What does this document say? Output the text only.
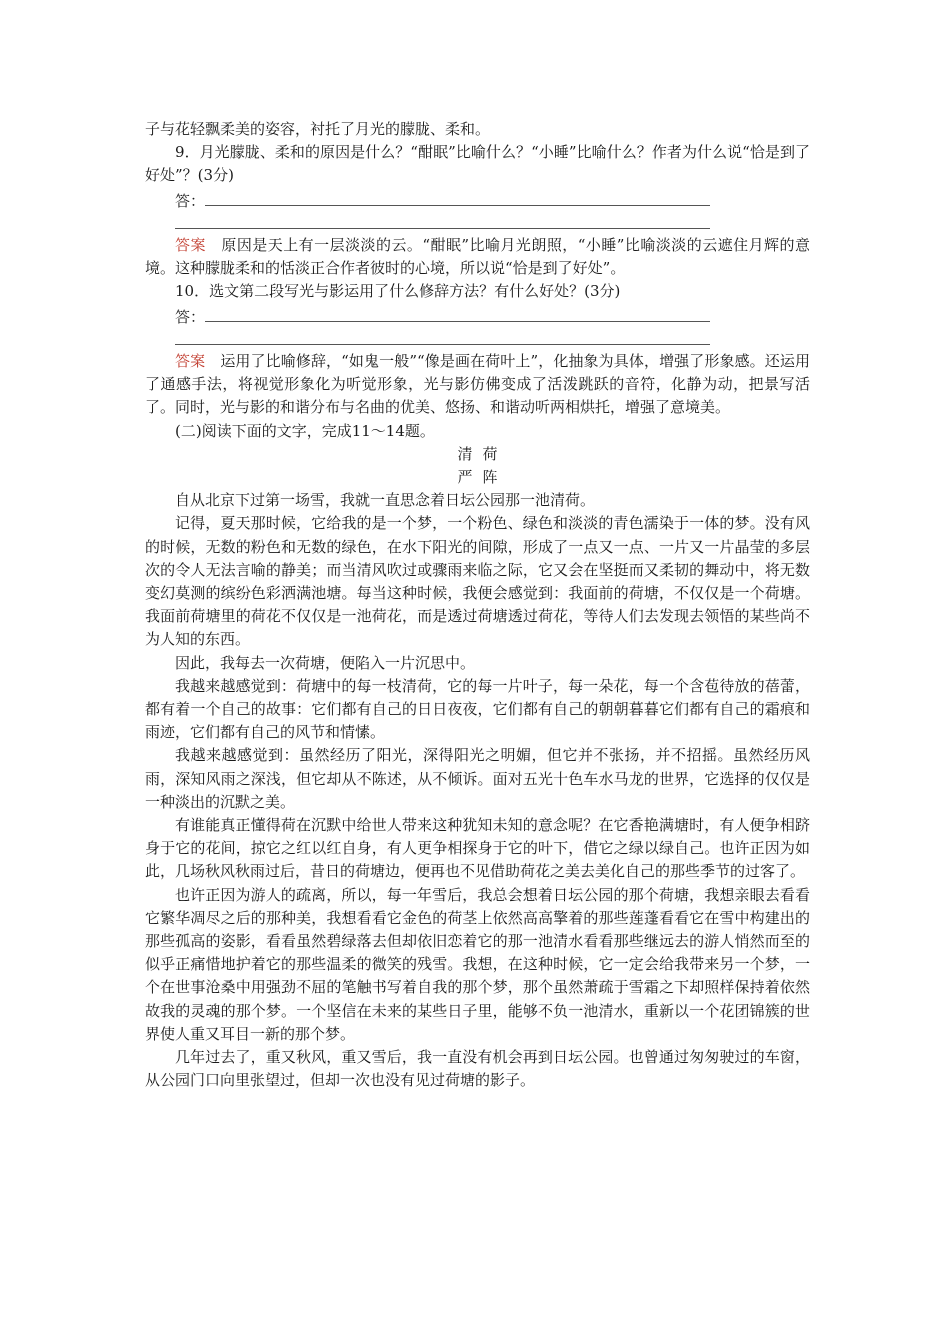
子与花轻飘柔美的姿容，衬托了月光的朦胧、柔和。

9．月光朦胧、柔和的原因是什么？“酣眠”比喻什么？“小睡”比喻什么？作者为什么说“恰是到了好处”？(3分)

答：

答案　 原因是天上有一层淡淡的云。“酣眠”比喻月光朗照，“小睡”比喻淡淡的云遮住月辉的意境。这种朦胧柔和的恬淡正合作者彼时的心境，所以说“恰是到了好处”。

10．选文第二段写光与影运用了什么修辞方法？有什么好处？(3分)

答：

答案　 运用了比喻修辞，“如鬼一般”“像是画在荷叶上”，化抽象为具体，增强了形象感。还运用了通感手法，将视觉形象化为听觉形象，光与影仿佛变成了活泼跳跃的音符，化静为动，把景写活了。同时，光与影的和谐分布与名曲的优美、悠扬、和谐动听两相烘托，增强了意境美。

(二)阅读下面的文字，完成11～14题。

清荷

严阵

自从北京下过第一场雪，我就一直思念着日坛公园那一池清荷。

记得，夏天那时候，它给我的是一个梦，一个粉色、绿色和淡淡的青色濡染于一体的梦。没有风的时候，无数的粉色和无数的绿色，在水下阳光的间隙，形成了一点又一点、一片又一片晶莹的多层次的令人无法言喻的静美；而当清风吹过或骤雨来临之际，它又会在坚挺而又柔韧的舞动中，将无数变幻莫测的缤纷色彩洒满池塘。每当这种时候，我便会感觉到：我面前的荷塘，不仅仅是一个荷塘。我面前荷塘里的荷花不仅仅是一池荷花，而是透过荷塘透过荷花，等待人们去发现去领悟的某些尚不为人知的东西。

因此，我每去一次荷塘，便陷入一片沉思中。

我越来越感觉到：荷塘中的每一枝清荷，它的每一片叶子，每一朵花，每一个含苞待放的蓓蕾，都有着一个自己的故事：它们都有自己的日日夜夜，它们都有自己的朝朝暮暮它们都有自己的霜痕和雨迹，它们都有自己的风节和情愫。

我越来越感觉到：虽然经历了阳光，深得阳光之明媚，但它并不张扬，并不招摇。虽然经历风雨，深知风雨之深浅，但它却从不陈述，从不倾诉。面对五光十色车水马龙的世界，它选择的仅仅是一种淡出的沉默之美。

有谁能真正懂得荷在沉默中给世人带来这种犹知未知的意念呢？在它香艳满塘时，有人便争相跻身于它的花间，掠它之红以红自身，有人更争相探身于它的叶下，借它之绿以绿自己。也许正因为如此，几场秋风秋雨过后，昔日的荷塘边，便再也不见借助荷花之美去美化自己的那些季节的过客了。

也许正因为游人的疏离，所以，每一年雪后，我总会想着日坛公园的那个荷塘，我想亲眼去看看它繁华凋尽之后的那种美，我想看看它金色的荷茎上依然高高擎着的那些莲蓬看看它在雪中构建出的那些孤高的姿影，看看虽然碧绿落去但却依旧恋着它的那一池清水看看那些继远去的游人悄然而至的似乎正痛惜地护着它的那些温柔的微笑的残雪。我想，在这种时候，它一定会给我带来另一个梦，一个在世事沧桑中用强劲不屈的笔触书写着自我的那个梦，那个虽然萧疏于雪霜之下却照样保持着依然故我的灵魂的那个梦。一个坚信在未来的某些日子里，能够不负一池清水，重新以一个花团锦簇的世界使人重又耳目一新的那个梦。

几年过去了，重又秋风，重又雪后，我一直没有机会再到日坛公园。也曾通过匆匆驶过的车窗，从公园门口向里张望过，但却一次也没有见过荷塘的影子。
